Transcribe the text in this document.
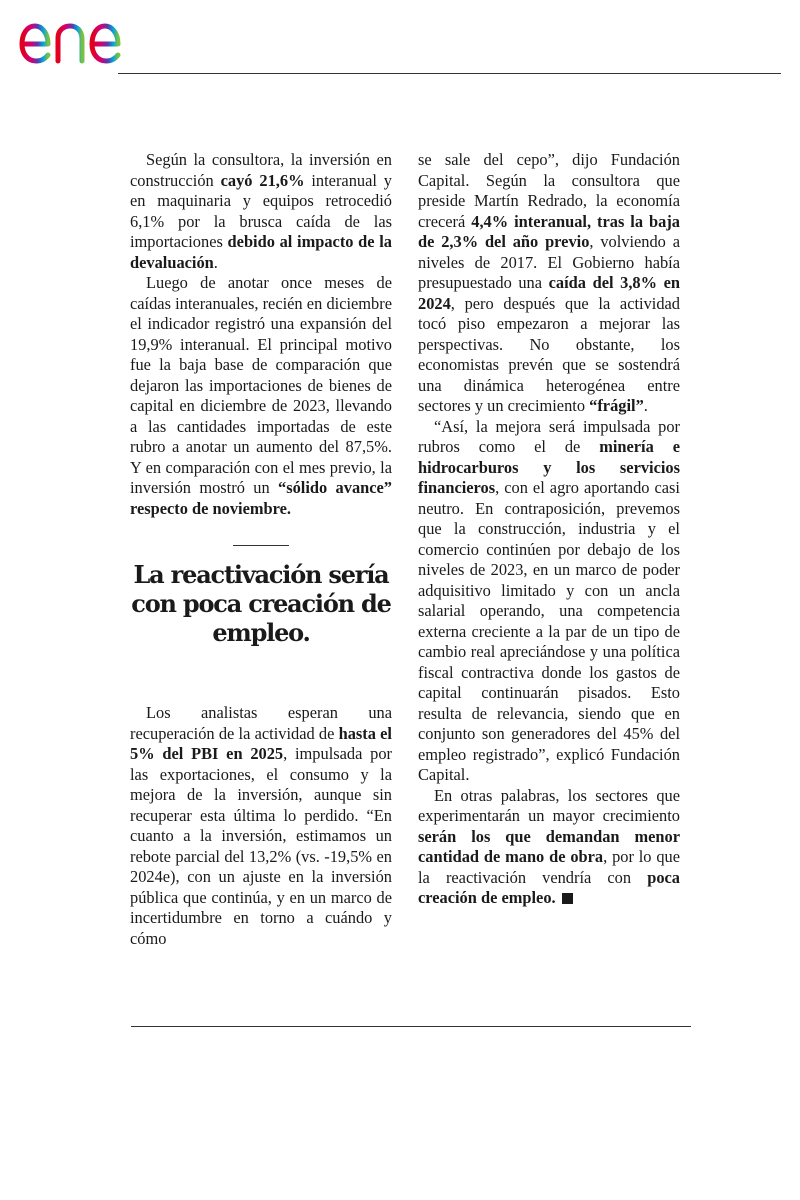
Según la consultora, la inversión en construcción cayó 21,6% interanual y en maquinaria y equipos retrocedió 6,1% por la brusca caída de las importaciones debido al impacto de la devaluación.

Luego de anotar once meses de caídas interanuales, recién en diciembre el indicador registró una expansión del 19,9% interanual. El principal motivo fue la baja base de comparación que dejaron las importaciones de bienes de capital en diciembre de 2023, llevando a las cantidades importadas de este rubro a anotar un aumento del 87,5%. Y en comparación con el mes previo, la inversión mostró un “sólido avance” respecto de noviembre.

La reactivación sería con poca creación de empleo.

Los analistas esperan una recuperación de la actividad de hasta el 5% del PBI en 2025, impulsada por las exportaciones, el consumo y la mejora de la inversión, aunque sin recuperar esta última lo perdido. “En cuanto a la inversión, estimamos un rebote parcial del 13,2% (vs. -19,5% en 2024e), con un ajuste en la inversión pública que continúa, y en un marco de incertidumbre en torno a cuándo y cómo

se sale del cepo”, dijo Fundación Capital. Según la consultora que preside Martín Redrado, la economía crecerá 4,4% interanual, tras la baja de 2,3% del año previo, volviendo a niveles de 2017. El Gobierno había presupuestado una caída del 3,8% en 2024, pero después que la actividad tocó piso empezaron a mejorar las perspectivas. No obstante, los economistas prevén que se sostendrá una dinámica heterogénea entre sectores y un crecimiento “frágil”.

“Así, la mejora será impulsada por rubros como el de minería e hidrocarburos y los servicios financieros, con el agro aportando casi neutro. En contraposición, prevemos que la construcción, industria y el comercio continúen por debajo de los niveles de 2023, en un marco de poder adquisitivo limitado y con un ancla salarial operando, una competencia externa creciente a la par de un tipo de cambio real apreciándose y una política fiscal contractiva donde los gastos de capital continuarán pisados. Esto resulta de relevancia, siendo que en conjunto son generadores del 45% del empleo registrado”, explicó Fundación Capital.

En otras palabras, los sectores que experimentarán un mayor crecimiento serán los que demandan menor cantidad de mano de obra, por lo que la reactivación vendría con poca creación de empleo.
